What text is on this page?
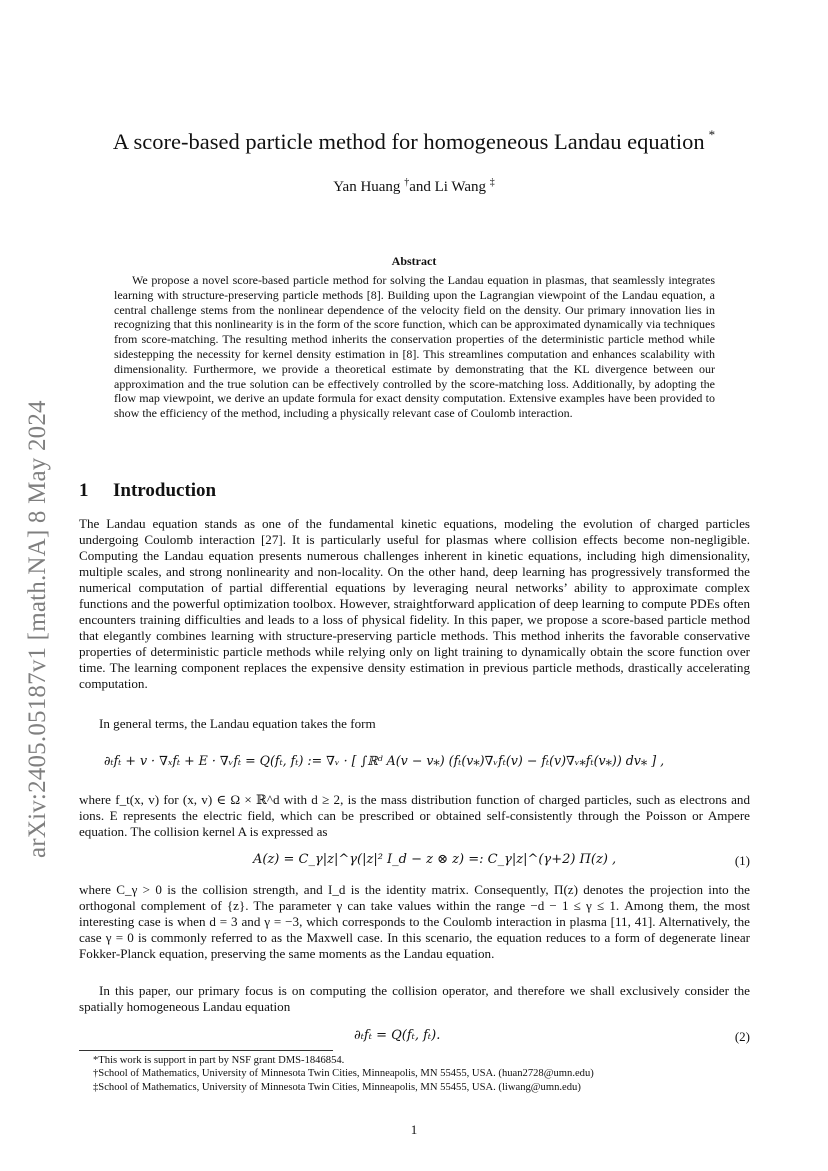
arXiv:2405.05187v1 [math.NA] 8 May 2024
A score-based particle method for homogeneous Landau equation *
Yan Huang †and Li Wang ‡
Abstract
We propose a novel score-based particle method for solving the Landau equation in plasmas, that seamlessly integrates learning with structure-preserving particle methods [8]. Building upon the Lagrangian viewpoint of the Landau equation, a central challenge stems from the nonlinear dependence of the velocity field on the density. Our primary innovation lies in recognizing that this nonlinearity is in the form of the score function, which can be approximated dynamically via techniques from score-matching. The resulting method inherits the conservation properties of the deterministic particle method while sidestepping the necessity for kernel density estimation in [8]. This streamlines computation and enhances scalability with dimensionality. Furthermore, we provide a theoretical estimate by demonstrating that the KL divergence between our approximation and the true solution can be effectively controlled by the score-matching loss. Additionally, by adopting the flow map viewpoint, we derive an update formula for exact density computation. Extensive examples have been provided to show the efficiency of the method, including a physically relevant case of Coulomb interaction.
1 Introduction
The Landau equation stands as one of the fundamental kinetic equations, modeling the evolution of charged particles undergoing Coulomb interaction [27]. It is particularly useful for plasmas where collision effects become non-negligible. Computing the Landau equation presents numerous challenges inherent in kinetic equations, including high dimensionality, multiple scales, and strong nonlinearity and non-locality. On the other hand, deep learning has progressively transformed the numerical computation of partial differential equations by leveraging neural networks’ ability to approximate complex functions and the powerful optimization toolbox. However, straightforward application of deep learning to compute PDEs often encounters training difficulties and leads to a loss of physical fidelity. In this paper, we propose a score-based particle method that elegantly combines learning with structure-preserving particle methods. This method inherits the favorable conservative properties of deterministic particle methods while relying only on light training to dynamically obtain the score function over time. The learning component replaces the expensive density estimation in previous particle methods, drastically accelerating computation.
In general terms, the Landau equation takes the form
∂ₜfₜ + v · ∇ₓfₜ + E · ∇ᵥfₜ = Q(fₜ, fₜ) := ∇ᵥ · [ ∫ℝᵈ A(v − v⁎) (fₜ(v⁎)∇ᵥfₜ(v) − fₜ(v)∇ᵥ⁎fₜ(v⁎)) dv⁎ ] ,
where f_t(x, v) for (x, v) ∈ Ω × ℝ^d with d ≥ 2, is the mass distribution function of charged particles, such as electrons and ions. E represents the electric field, which can be prescribed or obtained self-consistently through the Poisson or Ampere equation. The collision kernel A is expressed as
A(z) = C_γ|z|^γ(|z|² I_d − z ⊗ z) =: C_γ|z|^(γ+2) Π(z) ,	(1)
where C_γ > 0 is the collision strength, and I_d is the identity matrix. Consequently, Π(z) denotes the projection into the orthogonal complement of {z}. The parameter γ can take values within the range −d − 1 ≤ γ ≤ 1. Among them, the most interesting case is when d = 3 and γ = −3, which corresponds to the Coulomb interaction in plasma [11, 41]. Alternatively, the case γ = 0 is commonly referred to as the Maxwell case. In this scenario, the equation reduces to a form of degenerate linear Fokker-Planck equation, preserving the same moments as the Landau equation.
In this paper, our primary focus is on computing the collision operator, and therefore we shall exclusively consider the spatially homogeneous Landau equation
∂ₜfₜ = Q(fₜ, fₜ).	(2)
*This work is support in part by NSF grant DMS-1846854.
†School of Mathematics, University of Minnesota Twin Cities, Minneapolis, MN 55455, USA. (huan2728@umn.edu)
‡School of Mathematics, University of Minnesota Twin Cities, Minneapolis, MN 55455, USA. (liwang@umn.edu)
1
